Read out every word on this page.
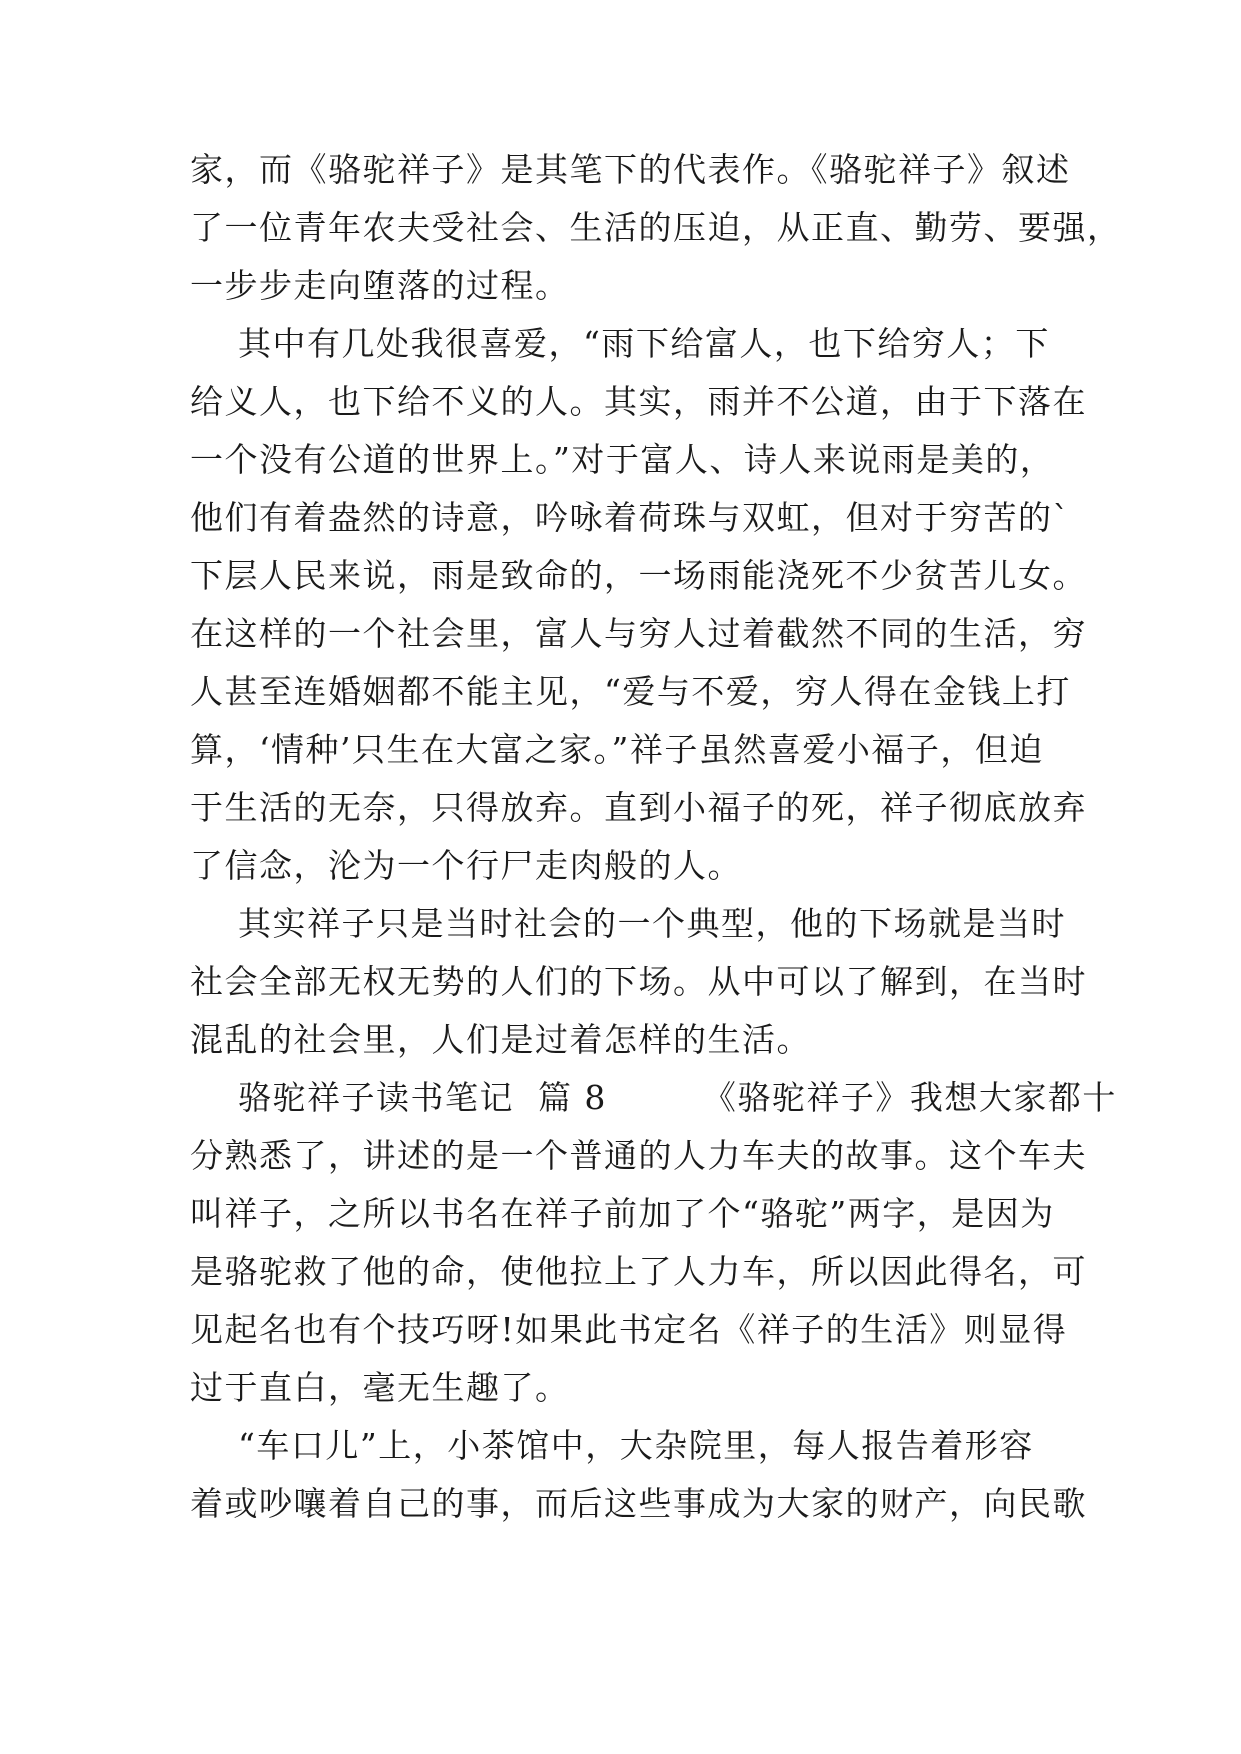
家，而《骆驼祥子》是其笔下的代表作。《骆驼祥子》叙述
了一位青年农夫受社会、生活的压迫，从正直、勤劳、要强，
一步步走向堕落的过程。
其中有几处我很喜爱，“雨下给富人，也下给穷人；下
给义人，也下给不义的人。其实，雨并不公道，由于下落在
一个没有公道的世界上。”对于富人、诗人来说雨是美的，
他们有着盎然的诗意，吟咏着荷珠与双虹，但对于穷苦的`
下层人民来说，雨是致命的，一场雨能浇死不少贫苦儿女。
在这样的一个社会里，富人与穷人过着截然不同的生活，穷
人甚至连婚姻都不能主见，“爱与不爱，穷人得在金钱上打
算，‘情种’只生在大富之家。”祥子虽然喜爱小福子，但迫
于生活的无奈，只得放弃。直到小福子的死，祥子彻底放弃
了信念，沦为一个行尸走肉般的人。
其实祥子只是当时社会的一个典型，他的下场就是当时
社会全部无权无势的人们的下场。从中可以了解到，在当时
混乱的社会里，人们是过着怎样的生活。
骆驼祥子读书笔记  篇 8        《骆驼祥子》我想大家都十
分熟悉了，讲述的是一个普通的人力车夫的故事。这个车夫
叫祥子，之所以书名在祥子前加了个“骆驼”两字，是因为
是骆驼救了他的命，使他拉上了人力车，所以因此得名，可
见起名也有个技巧呀!如果此书定名《祥子的生活》则显得
过于直白，毫无生趣了。
“车口儿”上，小茶馆中，大杂院里，每人报告着形容
着或吵嚷着自己的事，而后这些事成为大家的财产，向民歌
